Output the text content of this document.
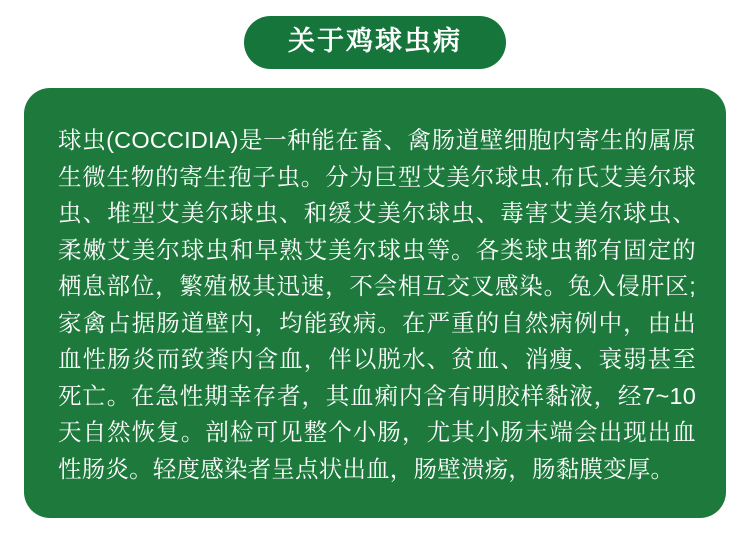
关于鸡球虫病

球虫(COCCIDIA)是一种能在畜、禽肠道壁细胞内寄生的属原生微生物的寄生孢子虫。分为巨型艾美尔球虫.布氏艾美尔球虫、堆型艾美尔球虫、和缓艾美尔球虫、毒害艾美尔球虫、柔嫩艾美尔球虫和早熟艾美尔球虫等。各类球虫都有固定的栖息部位，繁殖极其迅速，不会相互交叉感染。兔入侵肝区;家禽占据肠道壁内，均能致病。在严重的自然病例中，由出血性肠炎而致粪内含血，伴以脱水、贫血、消瘦、衰弱甚至死亡。在急性期幸存者，其血痢内含有明胶样黏液，经7~10天自然恢复。剖检可见整个小肠，尤其小肠末端会出现出血性肠炎。轻度感染者呈点状出血，肠壁溃疡，肠黏膜变厚。
